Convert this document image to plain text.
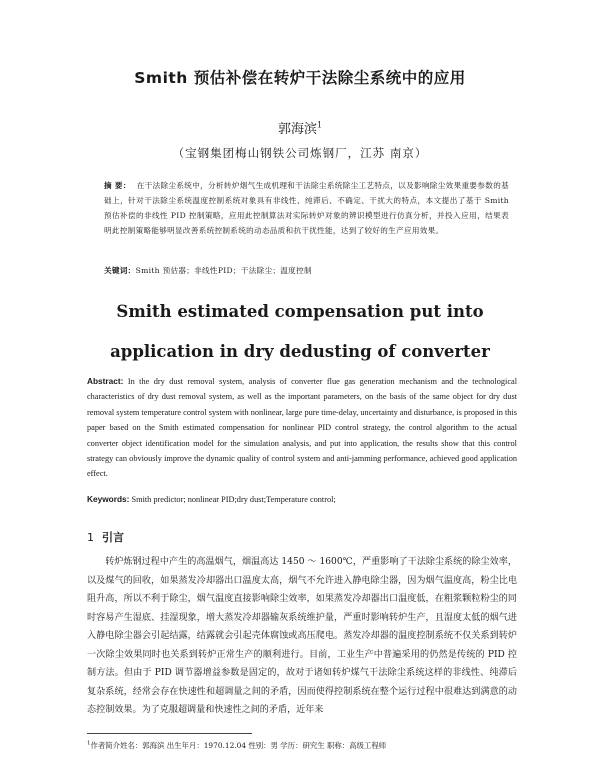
Smith 预估补偿在转炉干法除尘系统中的应用
郭海滨$^1$
（宝钢集团梅山钢铁公司炼钢厂，江苏 南京）
摘 要： 在干法除尘系统中，分析转炉烟气生成机理和干法除尘系统除尘工艺特点，以及影响除尘效果重要参数的基础上，针对干法除尘系统温度控制系统对象具有非线性、纯滞后、不确定、干扰大的特点，本文提出了基于 Smith 预估补偿的非线性 PID 控制策略，应用此控制算法对实际转炉对象的辨识模型进行仿真分析，并投入应用，结果表明此控制策略能够明显改善系统控制系统的动态品质和抗干扰性能，达到了较好的生产应用效果。
关键词：Smith 预估器；非线性PID；干法除尘；温度控制
Smith estimated compensation put into
application in dry dedusting of converter
Abstract: In the dry dust removal system, analysis of converter flue gas generation mechanism and the technological characteristics of dry dust removal system, as well as the important parameters, on the basis of the same object for dry dust removal system temperature control system with nonlinear, large pure time-delay, uncertainty and disturbance, is proposed in this paper based on the Smith estimated compensation for nonlinear PID control strategy, the control algorithm to the actual converter object identification model for the simulation analysis, and put into application, the results show that this control strategy can obviously improve the dynamic quality of control system and anti-jamming performance, achieved good application effect.
Keywords: Smith predictor; nonlinear PID;dry dust;Temperature control;
1 引言

转炉炼钢过程中产生的高温烟气，烟温高达 1450 ～ 1600℃，严重影响了干法除尘系统的除尘效率，以及煤气的回收，如果蒸发冷却器出口温度太高，烟气不允许进入静电除尘器，因为烟气温度高，粉尘比电阻升高，所以不利于除尘，烟气温度直接影响除尘效率，如果蒸发冷却器出口温度低，在粗浆颗粒粉尘的同时容易产生湿底、挂湿现象，增大蒸发冷却器输灰系统维护量，严重时影响转炉生产，且湿度太低的烟气进入静电除尘器会引起结露，结露就会引起壳体腐蚀或高压爬电。蒸发冷却器的温度控制系统不仅关系到转炉一次除尘效果同时也关系到转炉正常生产的顺利进行。目前，工业生产中普遍采用的仍然是传统的 PID 控制方法。但由于 PID 调节器增益参数是固定的，故对于诸如转炉煤气干法除尘系统这样的非线性、纯滞后复杂系统，经常会存在快速性和超调量之间的矛盾，因而使得控制系统在整个运行过程中很难达到满意的动态控制效果。为了克服超调量和快速性之间的矛盾，近年来

$^1$作者简介姓名：郭海滨 出生年月：1970.12.04 性别：男 学历：研究生 职称：高级工程师
